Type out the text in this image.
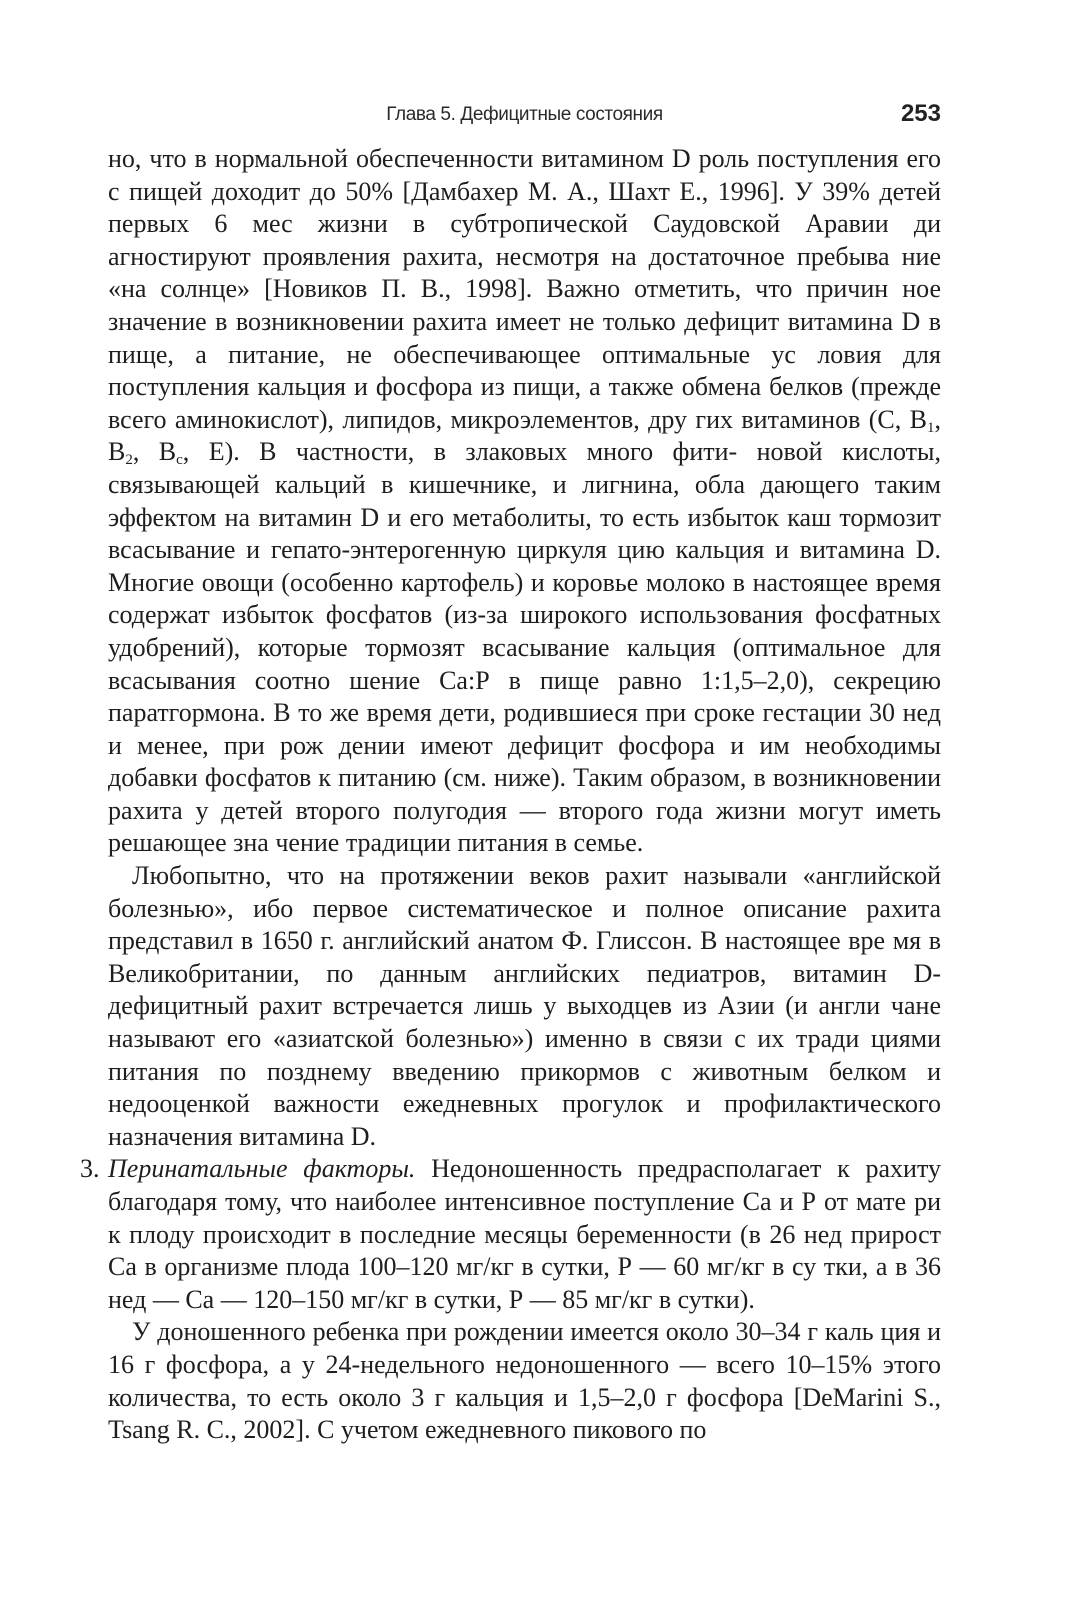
Глава 5. Дефицитные состояния	253

но, что в нормальной обеспеченности витамином D роль поступления его с пищей доходит до 50% [Дамбахер М. А., Шахт Е., 1996]. У 39% детей первых 6 мес жизни в субтропической Саудовской Аравии ди агностируют проявления рахита, несмотря на достаточное пребыва ние «на солнце» [Новиков П. В., 1998]. Важно отметить, что причин ное значение в возникновении рахита имеет не только дефицит витамина D в пище, а питание, не обеспечивающее оптимальные ус ловия для поступления кальция и фосфора из пищи, а также обмена белков (прежде всего аминокислот), липидов, микроэлементов, дру гих витаминов (С, $В_1$, $В_2$, $В_с$, Е). В частности, в злаковых много фити- новой кислоты, связывающей кальций в кишечнике, и лигнина, обла дающего таким эффектом на витамин D и его метаболиты, то есть избыток каш тормозит всасывание и гепато-энтерогенную циркуля цию кальция и витамина D. Многие овощи (особенно картофель) и коровье молоко в настоящее время содержат избыток фосфатов (из-за широкого использования фосфатных удобрений), которые тормозят всасывание кальция (оптимальное для всасывания соотно шение Са:Р в пище равно 1:1,5–2,0), секрецию паратгормона. В то же время дети, родившиеся при сроке гестации 30 нед и менее, при рож дении имеют дефицит фосфора и им необходимы добавки фосфатов к питанию (см. ниже). Таким образом, в возникновении рахита у детей второго полугодия — второго года жизни могут иметь решающее зна чение традиции питания в семье.

Любопытно, что на протяжении веков рахит называли «английской болезнью», ибо первое систематическое и полное описание рахита представил в 1650 г. английский анатом Ф. Глиссон. В настоящее вре мя в Великобритании, по данным английских педиатров, витамин D-дефицитный рахит встречается лишь у выходцев из Азии (и англи чане называют его «азиатской болезнью») именно в связи с их тради циями питания по позднему введению прикормов с животным белком и недооценкой важности ежедневных прогулок и профилактического назначения витамина D.

3. Перинатальные факторы. Недоношенность предрасполагает к рахиту благодаря тому, что наиболее интенсивное поступление Са и Р от мате ри к плоду происходит в последние месяцы беременности (в 26 нед прирост Са в организме плода 100–120 мг/кг в сутки, Р — 60 мг/кг в су тки, а в 36 нед — Са — 120–150 мг/кг в сутки, Р — 85 мг/кг в сутки).

У доношенного ребенка при рождении имеется около 30–34 г каль ция и 16 г фосфора, а у 24-недельного недоношенного — всего 10–15% этого количества, то есть около 3 г кальция и 1,5–2,0 г фосфора [DeMarini S., Tsang R. C., 2002]. С учетом ежедневного пикового по
